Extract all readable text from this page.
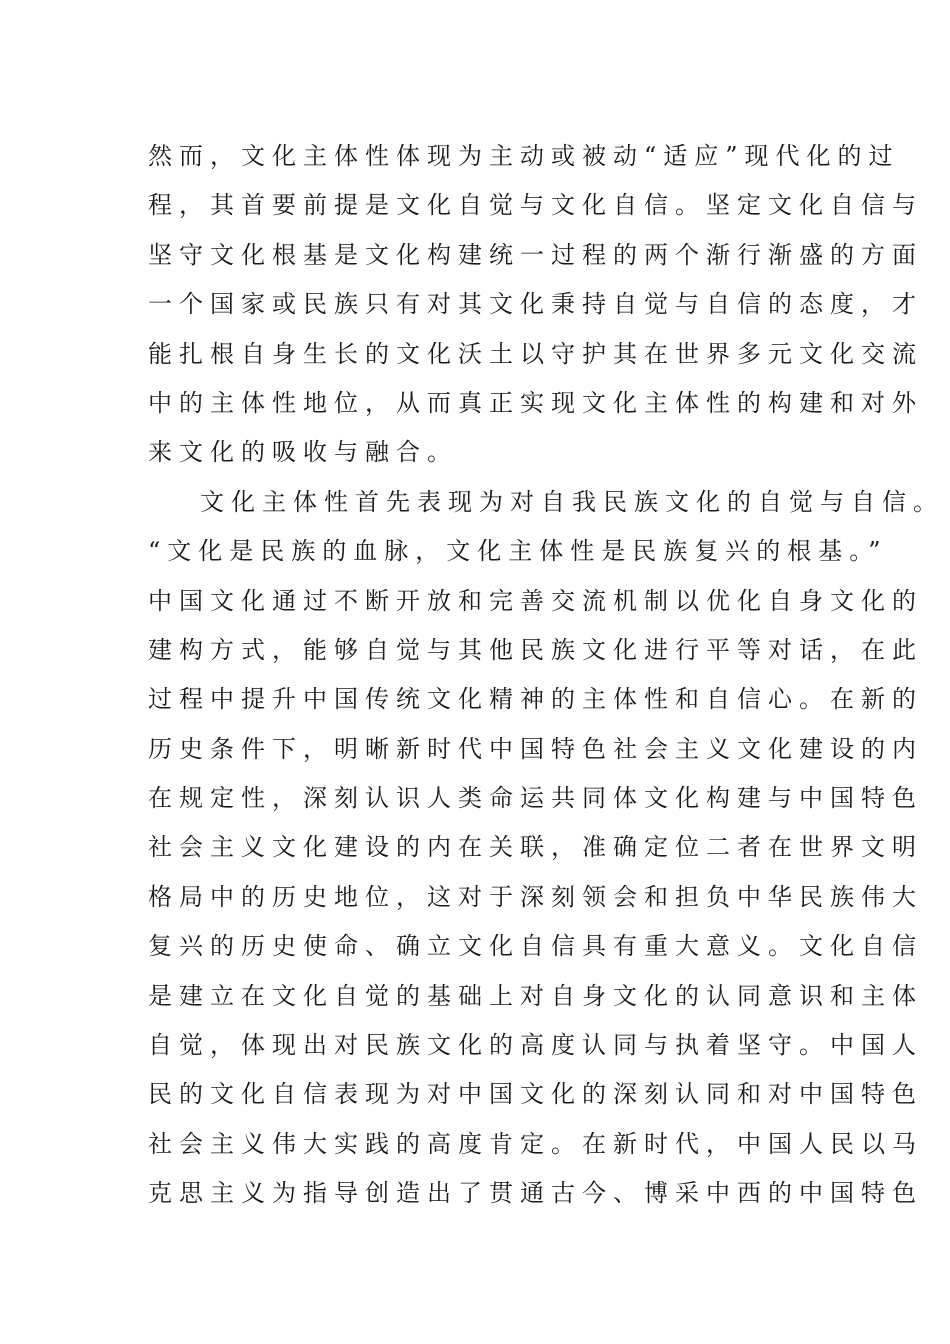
然而，文化主体性体现为主动或被动“适应”现代化的过
程，其首要前提是文化自觉与文化自信。坚定文化自信与
坚守文化根基是文化构建统一过程的两个渐行渐盛的方面
一个国家或民族只有对其文化秉持自觉与自信的态度，才
能扎根自身生长的文化沃土以守护其在世界多元文化交流
中的主体性地位，从而真正实现文化主体性的构建和对外
来文化的吸收与融合。
文化主体性首先表现为对自我民族文化的自觉与自信。
“文化是民族的血脉，文化主体性是民族复兴的根基。”
中国文化通过不断开放和完善交流机制以优化自身文化的
建构方式，能够自觉与其他民族文化进行平等对话，在此
过程中提升中国传统文化精神的主体性和自信心。在新的
历史条件下，明晰新时代中国特色社会主义文化建设的内
在规定性，深刻认识人类命运共同体文化构建与中国特色
社会主义文化建设的内在关联，准确定位二者在世界文明
格局中的历史地位，这对于深刻领会和担负中华民族伟大
复兴的历史使命、确立文化自信具有重大意义。文化自信
是建立在文化自觉的基础上对自身文化的认同意识和主体
自觉，体现出对民族文化的高度认同与执着坚守。中国人
民的文化自信表现为对中国文化的深刻认同和对中国特色
社会主义伟大实践的高度肯定。在新时代，中国人民以马
克思主义为指导创造出了贯通古今、博采中西的中国特色
